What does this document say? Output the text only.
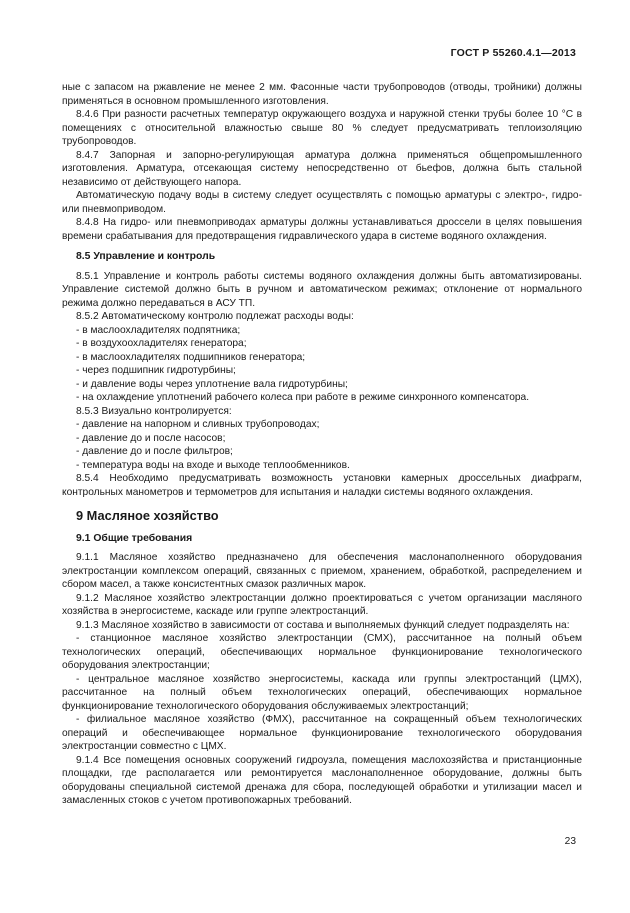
ГОСТ Р 55260.4.1—2013

ные с запасом на ржавление не менее 2 мм. Фасонные части трубопроводов (отводы, тройники) должны применяться в основном промышленного изготовления.

8.4.6 При разности расчетных температур окружающего воздуха и наружной стенки трубы более 10 °С в помещениях с относительной влажностью свыше 80 % следует предусматривать теплоизоляцию трубопроводов.

8.4.7 Запорная и запорно-регулирующая арматура должна применяться общепромышленного изготовления. Арматура, отсекающая систему непосредственно от бьефов, должна быть стальной независимо от действующего напора.

Автоматическую подачу воды в систему следует осуществлять с помощью арматуры с электро-, гидро- или пневмоприводом.

8.4.8 На гидро- или пневмоприводах арматуры должны устанавливаться дроссели в целях повышения времени срабатывания для предотвращения гидравлического удара в системе водяного охлаждения.

8.5 Управление и контроль

8.5.1 Управление и контроль работы системы водяного охлаждения должны быть автоматизированы. Управление системой должно быть в ручном и автоматическом режимах; отклонение от нормального режима должно передаваться в АСУ ТП.

8.5.2 Автоматическому контролю подлежат расходы воды:

- в маслоохладителях подпятника;

- в воздухоохладителях генератора;

- в маслоохладителях подшипников генератора;

- через подшипник гидротурбины;

- и давление воды через уплотнение вала гидротурбины;

- на охлаждение уплотнений рабочего колеса при работе в режиме синхронного компенсатора.

8.5.3 Визуально контролируется:

- давление на напорном и сливных трубопроводах;

- давление до и после насосов;

- давление до и после фильтров;

- температура воды на входе и выходе теплообменников.

8.5.4 Необходимо предусматривать возможность установки камерных дроссельных диафрагм, контрольных манометров и термометров для испытания и наладки системы водяного охлаждения.

9 Масляное хозяйство

9.1 Общие требования

9.1.1 Масляное хозяйство предназначено для обеспечения маслонаполненного оборудования электростанции комплексом операций, связанных с приемом, хранением, обработкой, распределением и сбором масел, а также консистентных смазок различных марок.

9.1.2 Масляное хозяйство электростанции должно проектироваться с учетом организации масляного хозяйства в энергосистеме, каскаде или группе электростанций.

9.1.3 Масляное хозяйство в зависимости от состава и выполняемых функций следует подразделять на:

- станционное масляное хозяйство электростанции (СМХ), рассчитанное на полный объем технологических операций, обеспечивающих нормальное функционирование технологического оборудования электростанции;

- центральное масляное хозяйство энергосистемы, каскада или группы электростанций (ЦМХ), рассчитанное на полный объем технологических операций, обеспечивающих нормальное функционирование технологического оборудования обслуживаемых электростанций;

- филиальное масляное хозяйство (ФМХ), рассчитанное на сокращенный объем технологических операций и обеспечивающее нормальное функционирование технологического оборудования электростанции совместно с ЦМХ.

9.1.4 Все помещения основных сооружений гидроузла, помещения маслохозяйства и пристанционные площадки, где располагается или ремонтируется маслонаполненное оборудование, должны быть оборудованы специальной системой дренажа для сбора, последующей обработки и утилизации масел и замасленных стоков с учетом противопожарных требований.

23
